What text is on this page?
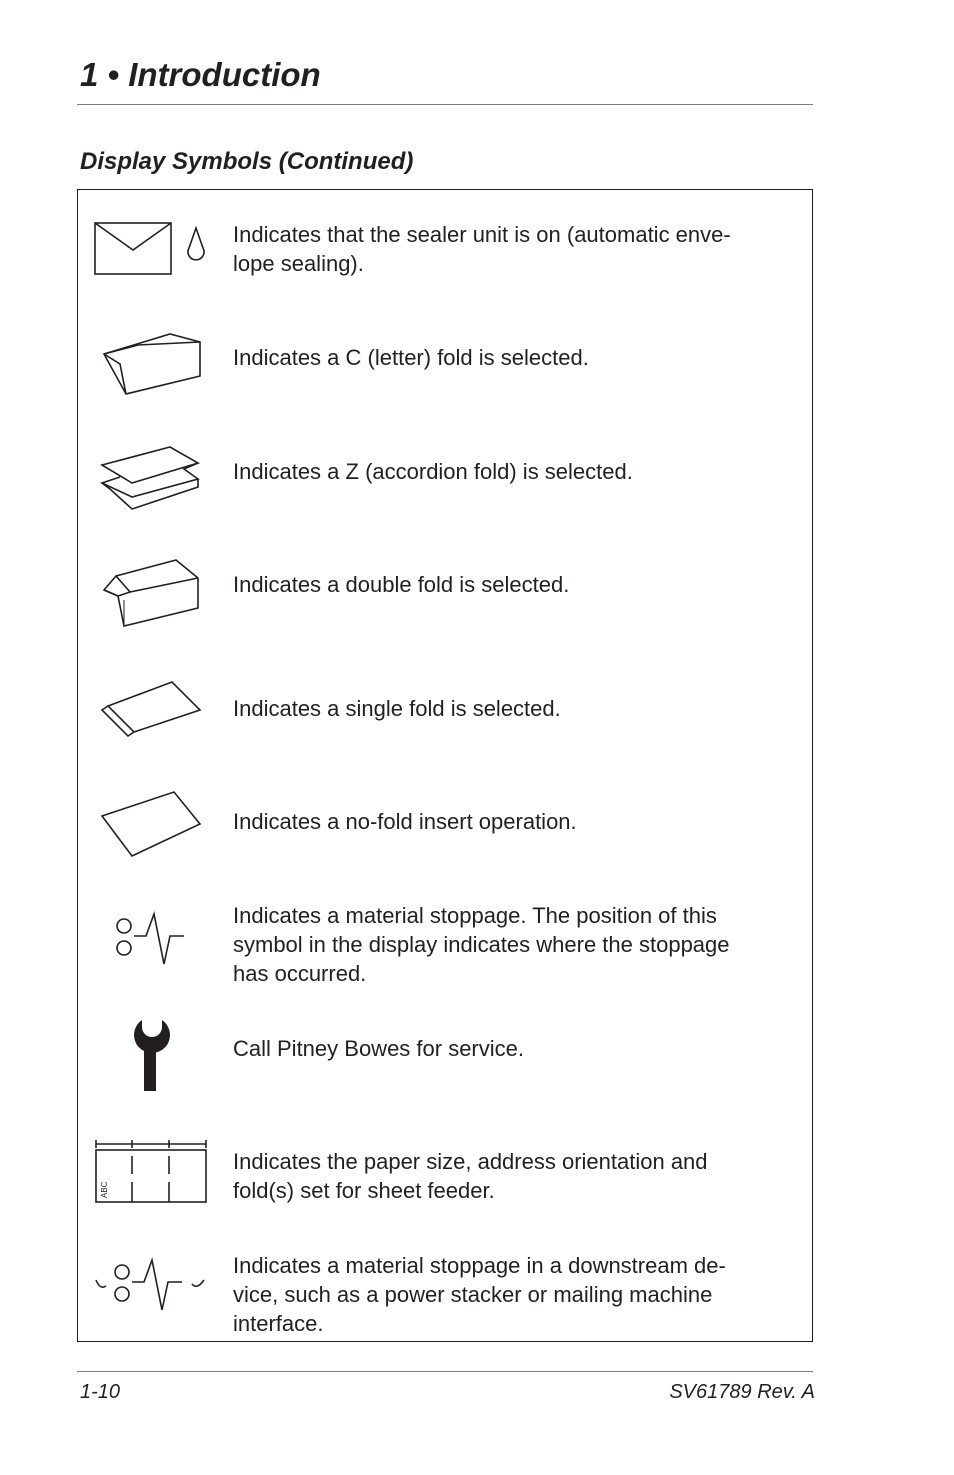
1 • Introduction
Display Symbols (Continued)

Indicates that the sealer unit is on (automatic enve-
lope sealing).

Indicates a C (letter) fold is selected.

Indicates a Z (accordion fold) is selected.

Indicates a double fold is selected.

Indicates a single fold is selected.

Indicates a no-fold insert operation.

Indicates a material stoppage. The position of this
symbol in the display indicates where the stoppage
has occurred.

Call Pitney Bowes for service.

ABC

Indicates the paper size, address orientation and
fold(s) set for sheet feeder.

Indicates a material stoppage in a downstream de-
vice, such as a power stacker or mailing machine
interface.

1-10	SV61789 Rev. A
